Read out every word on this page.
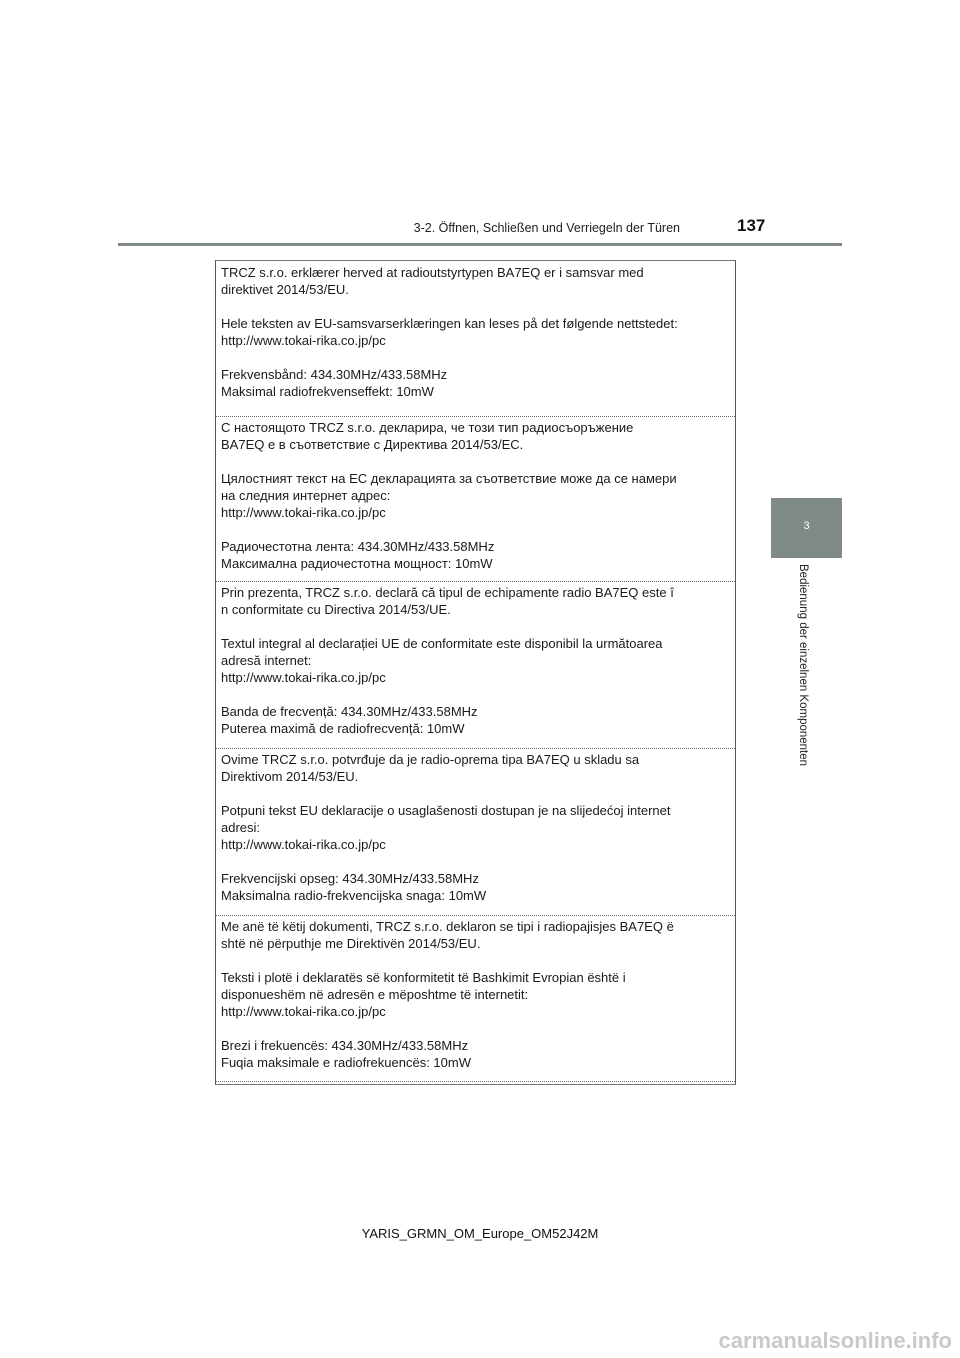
3-2. Öffnen, Schließen und Verriegeln der Türen	137
3
Bedienung der einzelnen Komponenten

TRCZ s.r.o. erklærer herved at radioutstyrtypen BA7EQ er i samsvar med

direktivet 2014/53/EU.

Hele teksten av EU-samsvarserklæringen kan leses på det følgende nettstedet:

http://www.tokai-rika.co.jp/pc

Frekvensbånd: 434.30MHz/433.58MHz

Maksimal radiofrekvenseffekt: 10mW

С настоящото TRCZ s.r.o. декларира, че този тип радиосъоръжение

BA7EQ е в съответствие с Директива 2014/53/ЕС.

Цялостният текст на ЕС декларацията за съответствие може да се намери

на следния интернет адрес:

http://www.tokai-rika.co.jp/pc

Радиочестотна лента: 434.30MHz/433.58MHz

Максимална радиочестотна мощност: 10mW

Prin prezenta, TRCZ s.r.o. declară că tipul de echipamente radio BA7EQ este î

n conformitate cu Directiva 2014/53/UE.

Textul integral al declarației UE de conformitate este disponibil la următoarea

adresă internet:

http://www.tokai-rika.co.jp/pc

Banda de frecvență: 434.30MHz/433.58MHz

Puterea maximă de radiofrecvență: 10mW

Ovime TRCZ s.r.o. potvrđuje da je radio-oprema tipa BA7EQ u skladu sa

Direktivom 2014/53/EU.

Potpuni tekst EU deklaracije o usaglašenosti dostupan je na slijedećoj internet

adresi:

http://www.tokai-rika.co.jp/pc

Frekvencijski opseg: 434.30MHz/433.58MHz

Maksimalna radio-frekvencijska snaga: 10mW

Me anë të këtij dokumenti, TRCZ s.r.o. deklaron se tipi i radiopajisjes BA7EQ ë

shtë në përputhje me Direktivën 2014/53/EU.

Teksti i plotë i deklaratës së konformitetit të Bashkimit Evropian është i

disponueshëm në adresën e mëposhtme të internetit:

http://www.tokai-rika.co.jp/pc

Brezi i frekuencës: 434.30MHz/433.58MHz

Fuqia maksimale e radiofrekuencës: 10mW

YARIS_GRMN_OM_Europe_OM52J42M
carmanualsonline.info
